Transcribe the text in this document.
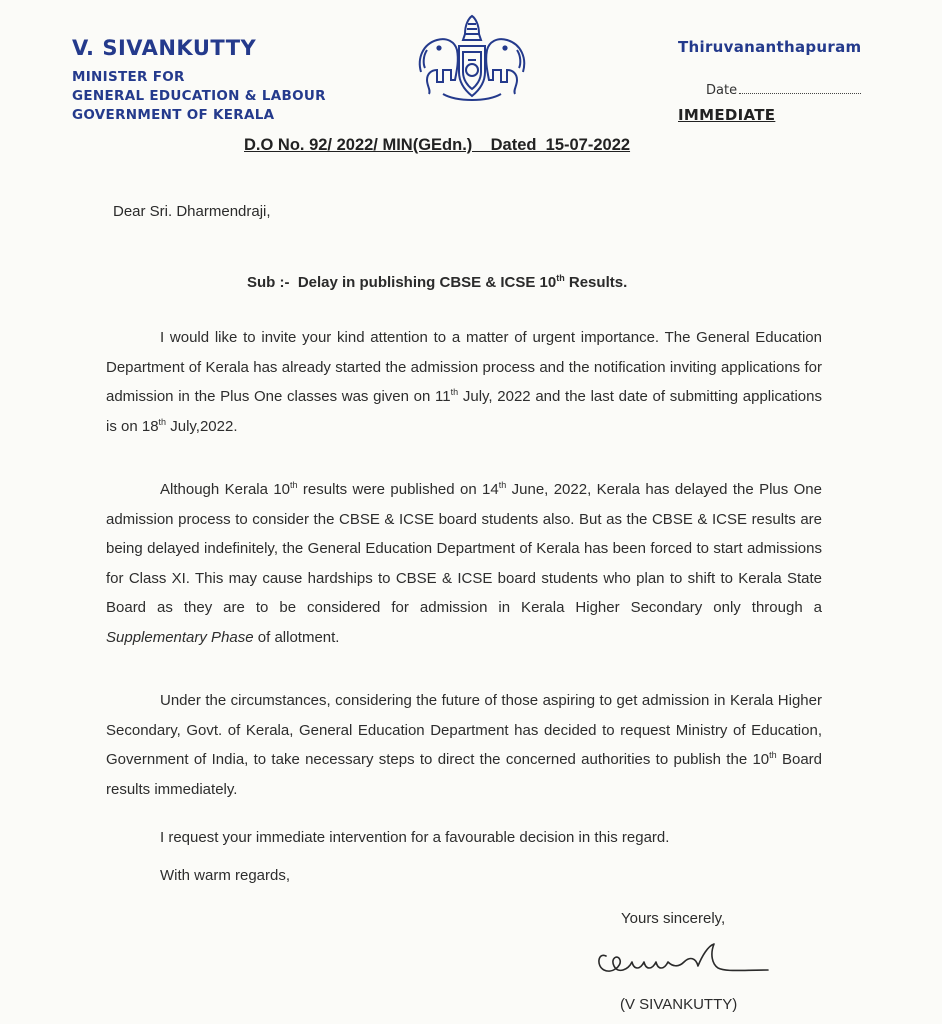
V. SIVANKUTTY
MINISTER FOR
GENERAL EDUCATION & LABOUR
GOVERNMENT OF KERALA
Thiruvananthapuram
Date
IMMEDIATE
D.O No. 92/ 2022/ MIN(GEdn.)    Dated  15-07-2022
Dear Sri. Dharmendraji,
Sub :-  Delay in publishing CBSE & ICSE 10th Results.
I would like to invite your kind attention to a matter of urgent importance. The General Education Department of Kerala has already started the admission process and the notification inviting applications for admission in the Plus One classes was given on 11th July, 2022 and the last date of submitting applications is on 18th July,2022.
Although Kerala 10th results were published on 14th June, 2022, Kerala has delayed the Plus One admission process to consider the CBSE & ICSE board students also. But as the CBSE & ICSE results are being delayed indefinitely, the General Education Department of Kerala has been forced to start admissions for Class XI. This may cause hardships to CBSE & ICSE board students who plan to shift to Kerala State Board as they are to be considered for admission in Kerala Higher Secondary only through a Supplementary Phase of allotment.
Under the circumstances, considering the future of those aspiring to get admission in Kerala Higher Secondary, Govt. of Kerala, General Education Department has decided to request Ministry of Education, Government of India, to take necessary steps to direct the concerned authorities to publish the 10th Board results immediately.
I request your immediate intervention for a favourable decision in this regard.
With warm regards,
Yours sincerely,
(V SIVANKUTTY)
